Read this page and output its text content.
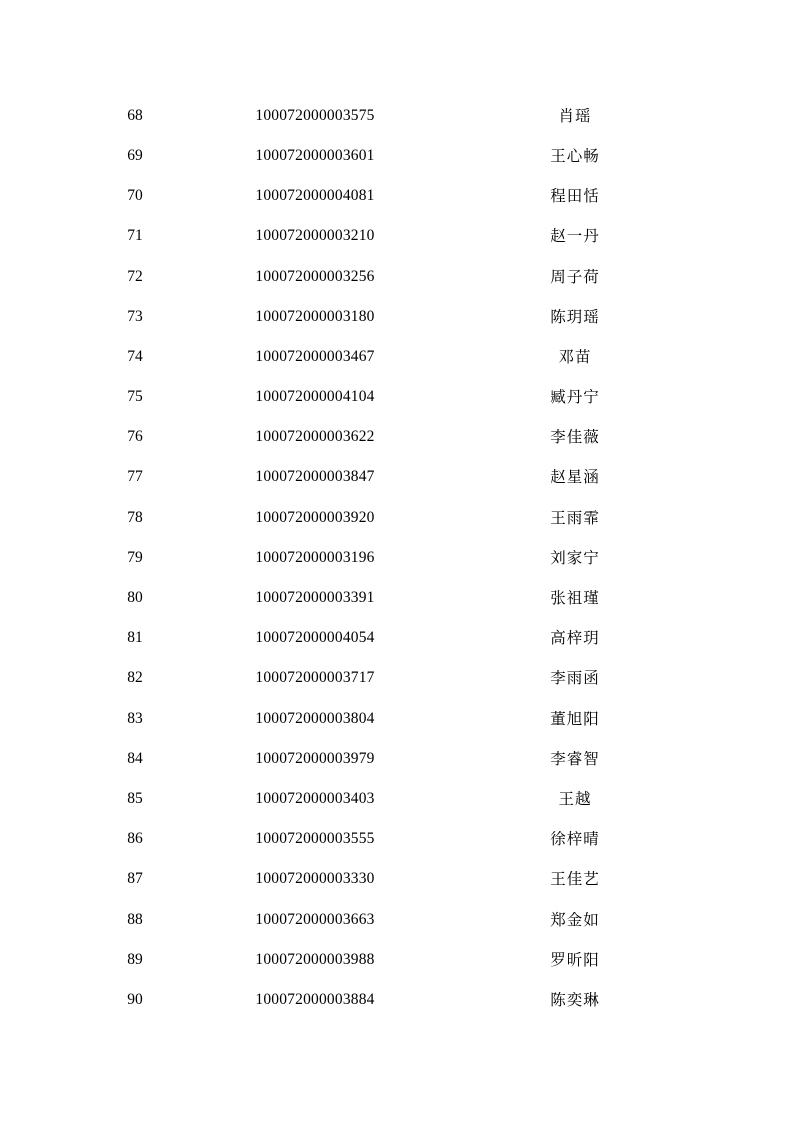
68	100072000003575	肖瑶	
69	100072000003601	王心畅	
70	100072000004081	程田恬	
71	100072000003210	赵一丹	
72	100072000003256	周子荷	
73	100072000003180	陈玥瑶	
74	100072000003467	邓苗	
75	100072000004104	臧丹宁	
76	100072000003622	李佳薇	
77	100072000003847	赵星涵	
78	100072000003920	王雨霏	
79	100072000003196	刘家宁	
80	100072000003391	张祖瑾	
81	100072000004054	高梓玥	
82	100072000003717	李雨函	
83	100072000003804	董旭阳	
84	100072000003979	李睿智	
85	100072000003403	王越	
86	100072000003555	徐梓晴	
87	100072000003330	王佳艺	
88	100072000003663	郑金如	
89	100072000003988	罗昕阳	
90	100072000003884	陈奕琳	
